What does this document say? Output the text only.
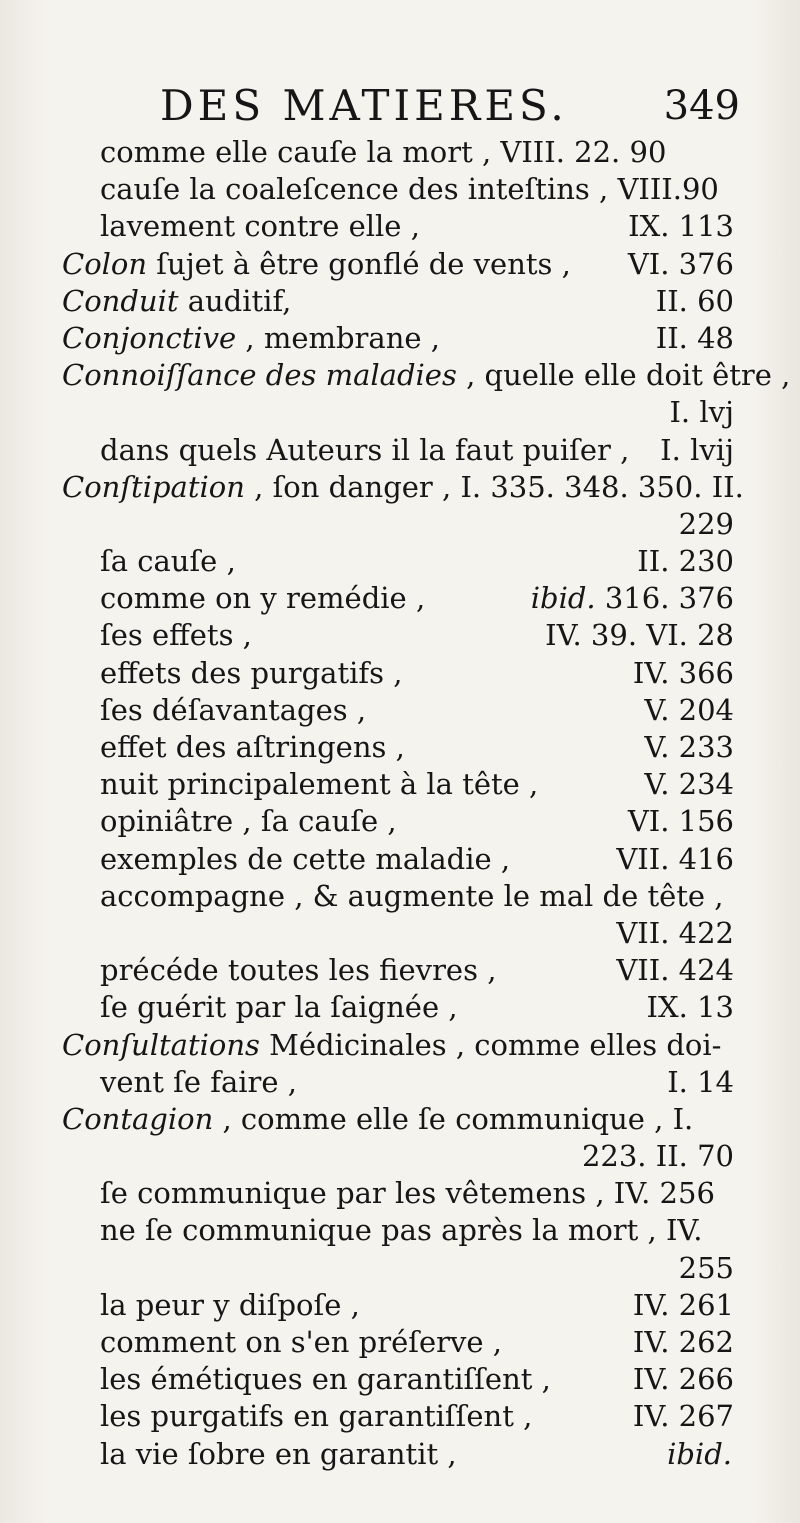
DES MATIERES. 349
comme elle cauſe la mort , VIII. 22. 90
cauſe la coaleſcence des inteſtins , VIII.90
lavement contre elle ,	IX. 113
Colon ſujet à être gonflé de vents , VI. 376
Conduit auditif,	II. 60
Conjonctive , membrane ,	II. 48
Connoiſſance des maladies , quelle elle doit être ,
I. lvj
dans quels Auteurs il la faut puiſer , I. lvij
Conſtipation , ſon danger , I. 335. 348. 350. II.
229
ſa cauſe ,	II. 230
comme on y remédie ,	ibid. 316. 376
ſes effets ,	IV. 39. VI. 28
effets des purgatifs ,	IV. 366
ſes déſavantages ,	V. 204
effet des aſtringens ,	V. 233
nuit principalement à la tête ,	V. 234
opiniâtre , ſa cauſe ,	VI. 156
exemples de cette maladie ,	VII. 416
accompagne , & augmente le mal de tête ,
VII. 422
précéde toutes les fievres ,	VII. 424
ſe guérit par la ſaignée ,	IX. 13
Conſultations Médicinales , comme elles doi-
vent ſe faire ,	I. 14
Contagion , comme elle ſe communique , I.
223. II. 70
ſe communique par les vêtemens , IV. 256
ne ſe communique pas après la mort , IV.
255
la peur y diſpoſe ,	IV. 261
comment on s'en préſerve ,	IV. 262
les émétiques en garantiſſent ,	IV. 266
les purgatifs en garantiſſent ,	IV. 267
la vie ſobre en garantit ,	ibid.
